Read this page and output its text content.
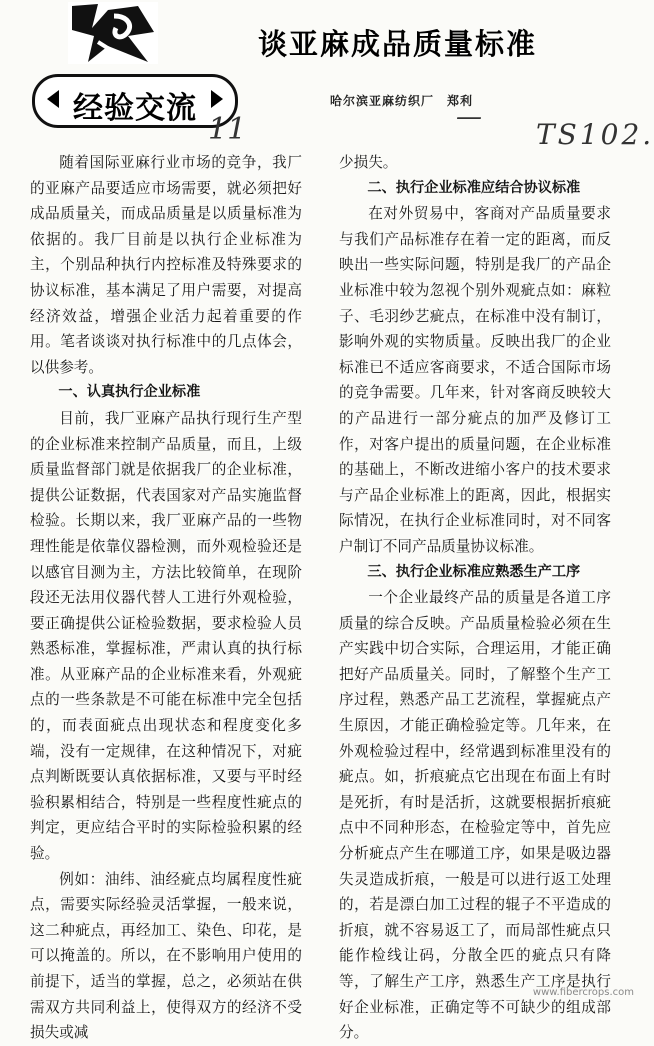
经验交流
谈亚麻成品质量标准
哈尔滨亚麻纺织厂　郑利
11	—
TS102.

随着国际亚麻行业市场的竞争，我厂的亚麻产品要适应市场需要，就必须把好成品质量关，而成品质量是以质量标准为依据的。我厂目前是以执行企业标准为主，个别品种执行内控标准及特殊要求的协议标准，基本满足了用户需要，对提高经济效益，增强企业活力起着重要的作用。笔者谈谈对执行标准中的几点体会，以供参考。

一、认真执行企业标准

目前，我厂亚麻产品执行现行生产型的企业标准来控制产品质量，而且，上级质量监督部门就是依据我厂的企业标准，提供公证数据，代表国家对产品实施监督检验。长期以来，我厂亚麻产品的一些物理性能是依靠仪器检测，而外观检验还是以感官目测为主，方法比较简单，在现阶段还无法用仪器代替人工进行外观检验，要正确提供公证检验数据，要求检验人员熟悉标准，掌握标准，严肃认真的执行标准。从亚麻产品的企业标准来看，外观疵点的一些条款是不可能在标准中完全包括的，而表面疵点出现状态和程度变化多端，没有一定规律，在这种情况下，对疵点判断既要认真依据标准，又要与平时经验积累相结合，特别是一些程度性疵点的判定，更应结合平时的实际检验积累的经验。

例如：油纬、油经疵点均属程度性疵点，需要实际经验灵活掌握，一般来说，这二种疵点，再经加工、染色、印花，是可以掩盖的。所以，在不影响用户使用的前提下，适当的掌握，总之，必须站在供需双方共同利益上，使得双方的经济不受损失或减

少损失。

二、执行企业标准应结合协议标准

在对外贸易中，客商对产品质量要求与我们产品标准存在着一定的距离，而反映出一些实际问题，特别是我厂的产品企业标准中较为忽视个别外观疵点如：麻粒子、毛羽纱艺疵点，在标准中没有制订，影响外观的实物质量。反映出我厂的企业标准已不适应客商要求，不适合国际市场的竞争需要。几年来，针对客商反映较大的产品进行一部分疵点的加严及修订工作，对客户提出的质量问题，在企业标准的基础上，不断改进缩小客户的技术要求与产品企业标准上的距离，因此，根据实际情况，在执行企业标准同时，对不同客户制订不同产品质量协议标准。

三、执行企业标准应熟悉生产工序

一个企业最终产品的质量是各道工序质量的综合反映。产品质量检验必须在生产实践中切合实际，合理运用，才能正确把好产品质量关。同时，了解整个生产工序过程，熟悉产品工艺流程，掌握疵点产生原因，才能正确检验定等。几年来，在外观检验过程中，经常遇到标准里没有的疵点。如，折痕疵点它出现在布面上有时是死折，有时是活折，这就要根据折痕疵点中不同种形态，在检验定等中，首先应分析疵点产生在哪道工序，如果是吸边器失灵造成折痕，一般是可以进行返工处理的，若是漂白加工过程的辊子不平造成的折痕，就不容易返工了，而局部性疵点只能作检线让码，分散全匹的疵点只有降等，了解生产工序，熟悉生产工序是执行好企业标准，正确定等不可缺少的组成部分。

www.fibercrops.com
